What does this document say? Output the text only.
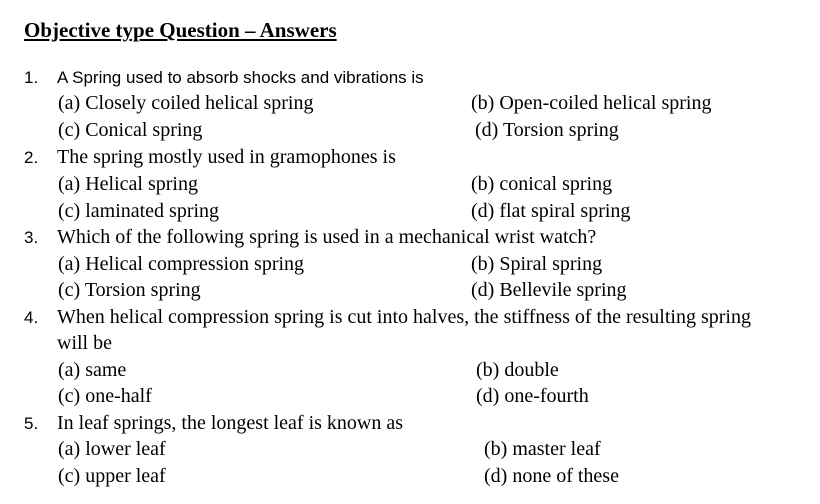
Objective type Question – Answers
1. A Spring used to absorb shocks and vibrations is
(a) Closely coiled helical spring	(b) Open-coiled helical spring
(c) Conical spring	(d) Torsion spring
2. The spring mostly used in gramophones is
(a) Helical spring	(b) conical spring
(c) laminated spring	(d) flat spiral spring
3. Which of the following spring is used in a mechanical wrist watch?
(a) Helical compression spring	(b) Spiral spring
(c) Torsion spring	(d) Bellevile spring
4. When helical compression spring is cut into halves, the stiffness of the resulting spring
will be
(a) same	(b) double
(c) one-half	(d) one-fourth
5. In leaf springs, the longest leaf is known as
(a) lower leaf	(b) master leaf
(c) upper leaf	(d) none of these
